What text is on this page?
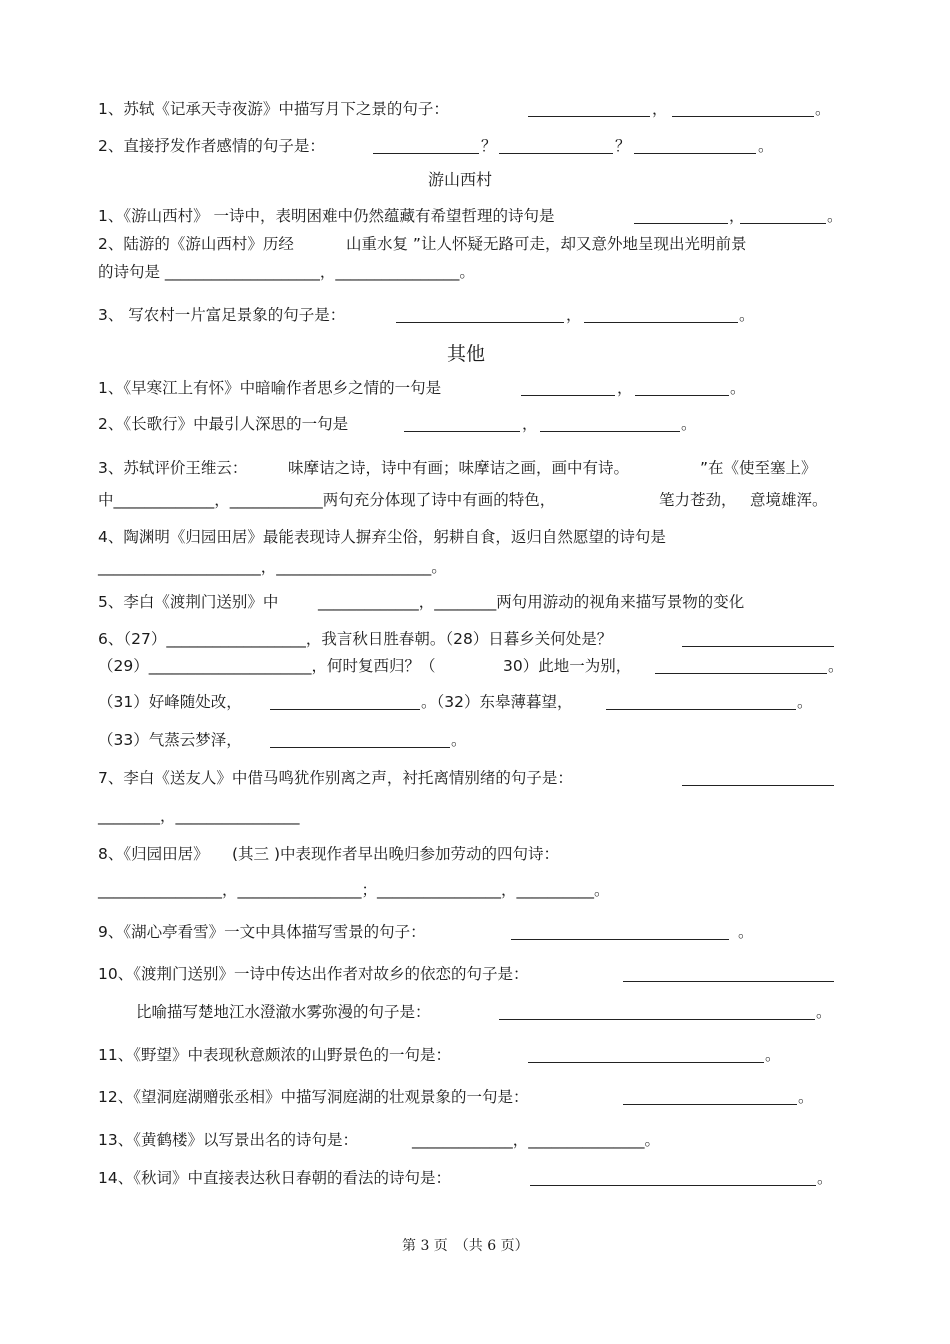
1、苏轼《记承天寺夜游》中描写月下之景的句子：	，	。
2、直接抒发作者感情的句子是：	？	？	。
游山西村
1、《游山西村》 一诗中，表明困难中仍然蕴藏有希望哲理的诗句是	，	。
2、陆游的《游山西村》历经	山重水复 ”让人怀疑无路可走，却又意外地呈现出光明前景
的诗句是 ____________________，________________。
3、 写农村一片富足景象的句子是：	，	。
其他
1、《早寒江上有怀》中暗喻作者思乡之情的一句是	，	。
2、《长歌行》中最引人深思的一句是	，	。
3、苏轼评价王维云：	味摩诘之诗，诗中有画；味摩诘之画，画中有诗。	”在《使至塞上》
中_____________，____________两句充分体现了诗中有画的特色，	笔力苍劲， 意境雄浑。
4、陶渊明《归园田居》最能表现诗人摒弃尘俗，躬耕自食，返归自然愿望的诗句是
_____________________，____________________。
5、李白《渡荆门送别》中	_____________，________两句用游动的视角来描写景物的变化
6、（27）__________________，我言秋日胜春朝。（28）日暮乡关何处是？
（29）_____________________，何时复西归？（	30）此地一为别，	。
（31）好峰随处改，	。（32）东皋薄暮望，	。
（33）气蒸云梦泽，	。
7、李白《送友人》中借马鸣犹作别离之声，衬托离情别绪的句子是：
________，________________
8、《归园田居》 (其三 )中表现作者早出晚归参加劳动的四句诗：
________________，________________；________________，__________。
9、《湖心亭看雪》一文中具体描写雪景的句子：	。
10、《渡荆门送别》一诗中传达出作者对故乡的依恋的句子是：
比喻描写楚地江水澄澈水雾弥漫的句子是：	。
11、《野望》中表现秋意颇浓的山野景色的一句是：	。
12、《望洞庭湖赠张丞相》中描写洞庭湖的壮观景象的一句是：	。
13、《黄鹤楼》以写景出名的诗句是：	_____________，_______________。
14、《秋词》中直接表达秋日春朝的看法的诗句是：	。
第 3 页　（共 6 页）
